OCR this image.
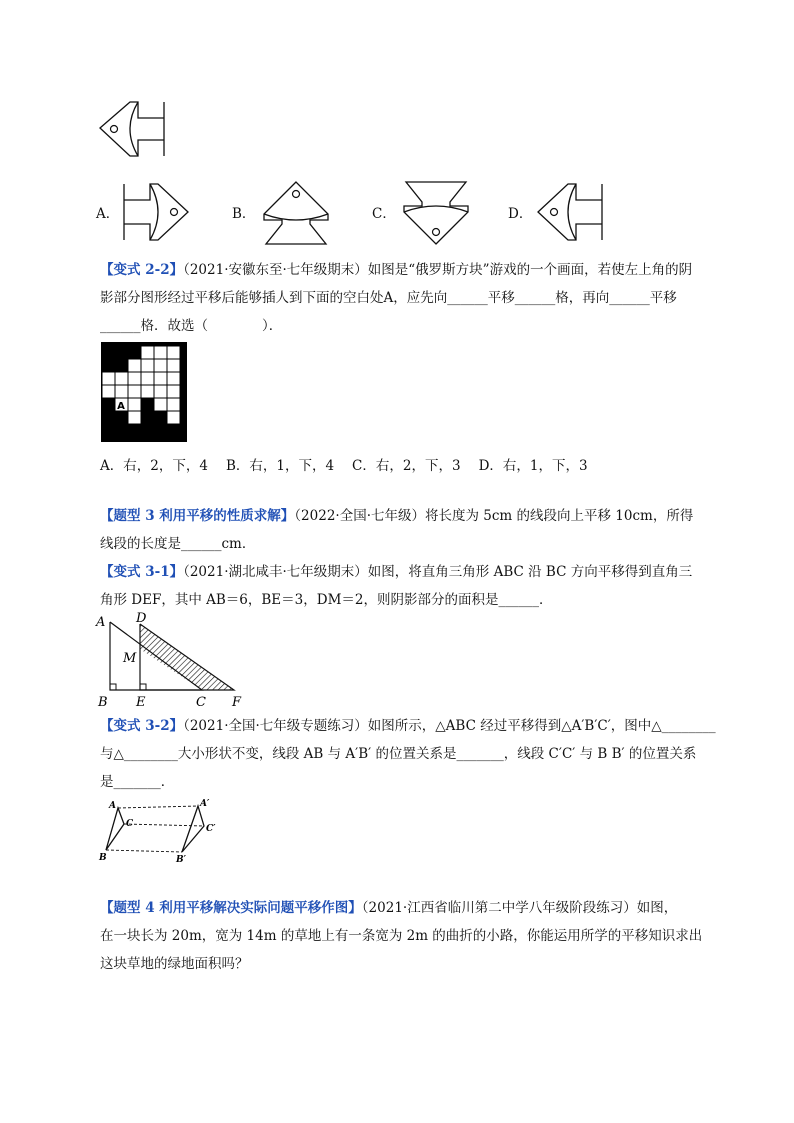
A．	B．	C．	D．
【变式 2-2】（2021·安徽东至·七年级期末）如图是“俄罗斯方块”游戏的一个画面，若使左上角的阴
影部分图形经过平移后能够插人到下面的空白处A，应先向______平移______格，再向______平移
______格．故选（　　　　）．
A
A．右，2，下，4 B．右，1，下，4 C．右，2，下，3 D．右，1，下，3
【题型 3 利用平移的性质求解】（2022·全国·七年级）将长度为 5cm 的线段向上平移 10cm，所得
线段的长度是______cm．
【变式 3-1】（2021·湖北咸丰·七年级期末）如图，将直角三角形 ABC 沿 BC 方向平移得到直角三
角形 DEF，其中 AB＝6，BE＝3，DM＝2，则阴影部分的面积是______．
A D
M
B E	C F
【变式 3-2】（2021·全国·七年级专题练习）如图所示，△ABC 经过平移得到△A′B′C′，图中△________
与△________大小形状不变，线段 AB 与 A′B′ 的位置关系是_______，线段 C′C′ 与 B B′ 的位置关系
是_______．
A
C
B
A′
C′
B′
【题型 4 利用平移解决实际问题平移作图】（2021·江西省临川第二中学八年级阶段练习）如图，
在一块长为 20m，宽为 14m 的草地上有一条宽为 2m 的曲折的小路，你能运用所学的平移知识求出
这块草地的绿地面积吗？
